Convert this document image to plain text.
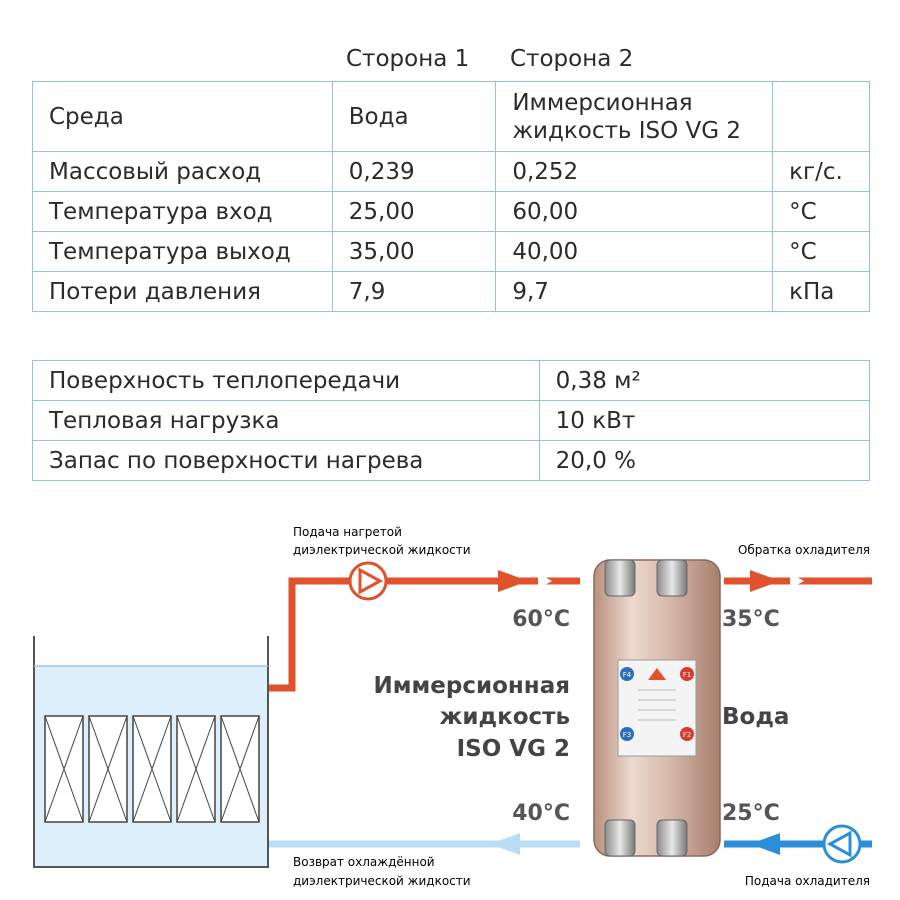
Сторона 1 Сторона 2
Среда	Вода	Иммерсионная
жидкость ISO VG 2	

Массовый расход	0,239	0,252	кг/с.
Температура вход	25,00	60,00	°C
Температура выход	35,00	40,00	°C
Потери давления	7,9	9,7	кПа
Поверхность теплопередачи	0,38 м²
Тепловая нагрузка	10 кВт
Запас по поверхности нагрева	20,0 %
F4	F1
F3	F2
Подача нагретой
диэлектрической жидкости	Обратка охладителя
Возврат охлаждённой
диэлектрической жидкости	Подача охладителя
60°C	35°C
40°C	25°C
Иммерсионная
жидкость
ISO VG 2
Вода
